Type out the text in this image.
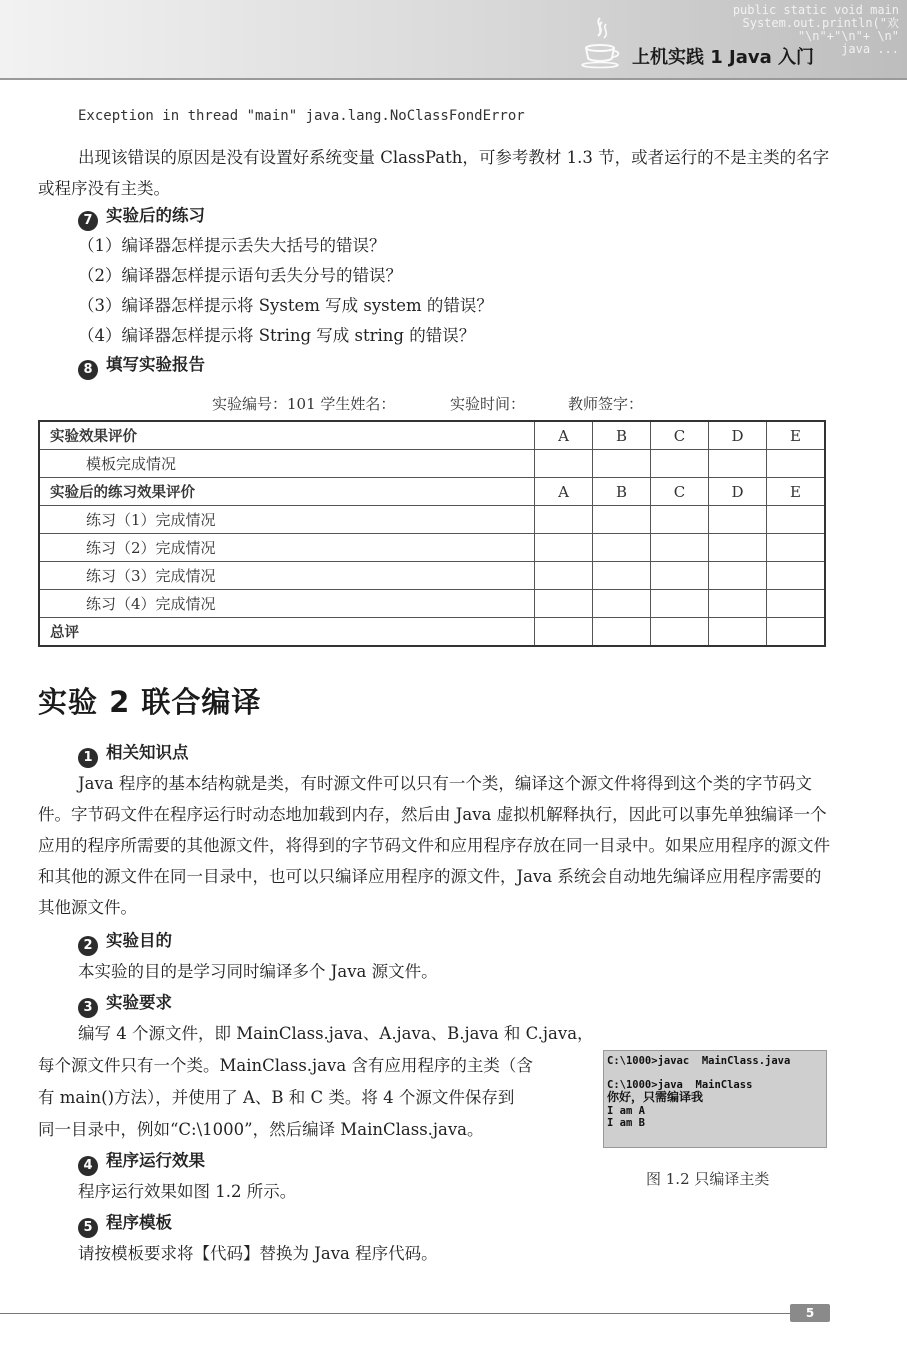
public static void main
System.out.println("欢
"\n"+"\n"+ \n"
java ...
上机实践 1 Java 入门
Exception in thread "main" java.lang.NoClassFondError
出现该错误的原因是没有设置好系统变量 ClassPath，可参考教材 1.3 节，或者运行的不是主类的名字或程序没有主类。
7 实验后的练习
（1）编译器怎样提示丢失大括号的错误？
（2）编译器怎样提示语句丢失分号的错误？
（3）编译器怎样提示将 System 写成 system 的错误？
（4）编译器怎样提示将 String 写成 string 的错误？
8 填写实验报告
实验编号：101 学生姓名：	实验时间：	教师签字：
实验效果评价	A	B	C	D	E
模板完成情况					
实验后的练习效果评价	A	B	C	D	E
练习（1）完成情况					
练习（2）完成情况					
练习（3）完成情况					
练习（4）完成情况					
总评					
实验 2 联合编译
1 相关知识点
Java 程序的基本结构就是类，有时源文件可以只有一个类，编译这个源文件将得到这个类的字节码文件。字节码文件在程序运行时动态地加载到内存，然后由 Java 虚拟机解释执行，因此可以事先单独编译一个应用的程序所需要的其他源文件，将得到的字节码文件和应用程序存放在同一目录中。如果应用程序的源文件和其他的源文件在同一目录中，也可以只编译应用程序的源文件，Java 系统会自动地先编译应用程序需要的其他源文件。
2 实验目的
本实验的目的是学习同时编译多个 Java 源文件。
3 实验要求
编写 4 个源文件，即 MainClass.java、A.java、B.java 和 C.java，
每个源文件只有一个类。MainClass.java 含有应用程序的主类（含
有 main()方法），并使用了 A、B 和 C 类。将 4 个源文件保存到
同一目录中，例如“C:\1000”，然后编译 MainClass.java。
4 程序运行效果
程序运行效果如图 1.2 所示。
5 程序模板
请按模板要求将【代码】替换为 Java 程序代码。
C:\1000>javac  MainClass.java
C:\1000>java  MainClass
你好，只需编译我
I am A
I am B
图 1.2 只编译主类
5
